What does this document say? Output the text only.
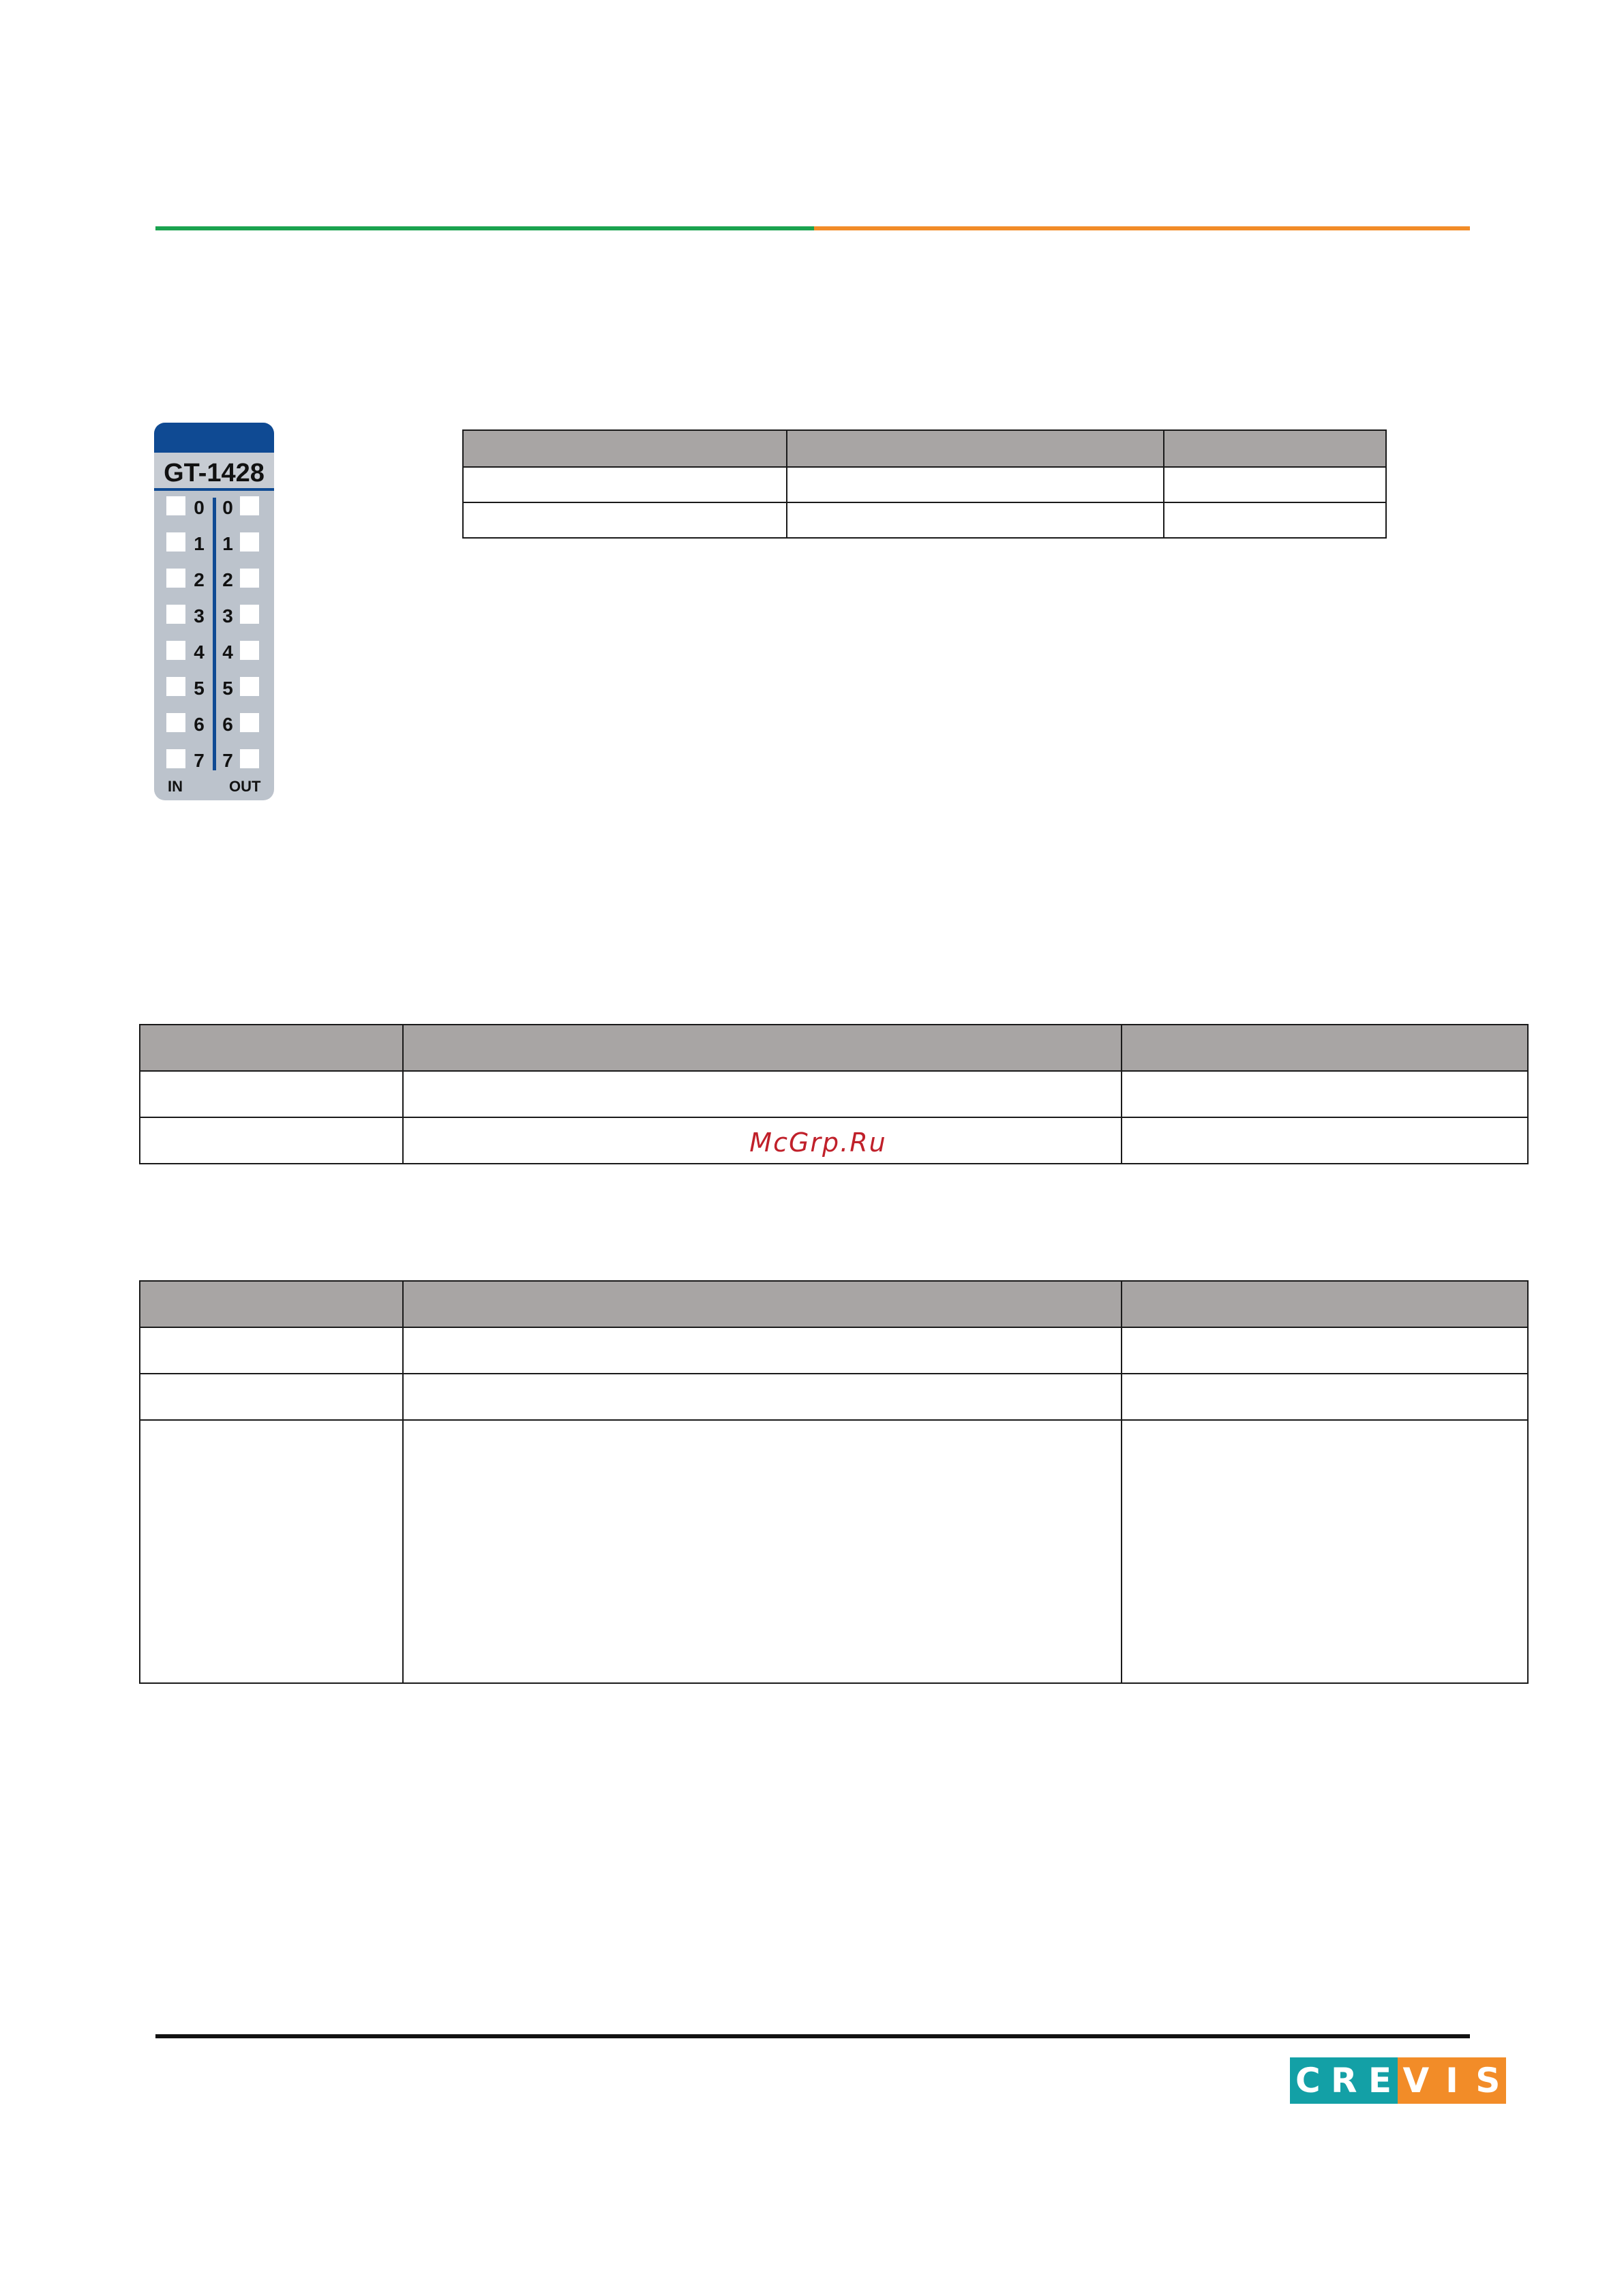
GT-1428
0 0
1 1
2 2
3 3
4 4
5 5
6 6
7 7
IN	OUT

McGrp.Ru

C R E V I S
